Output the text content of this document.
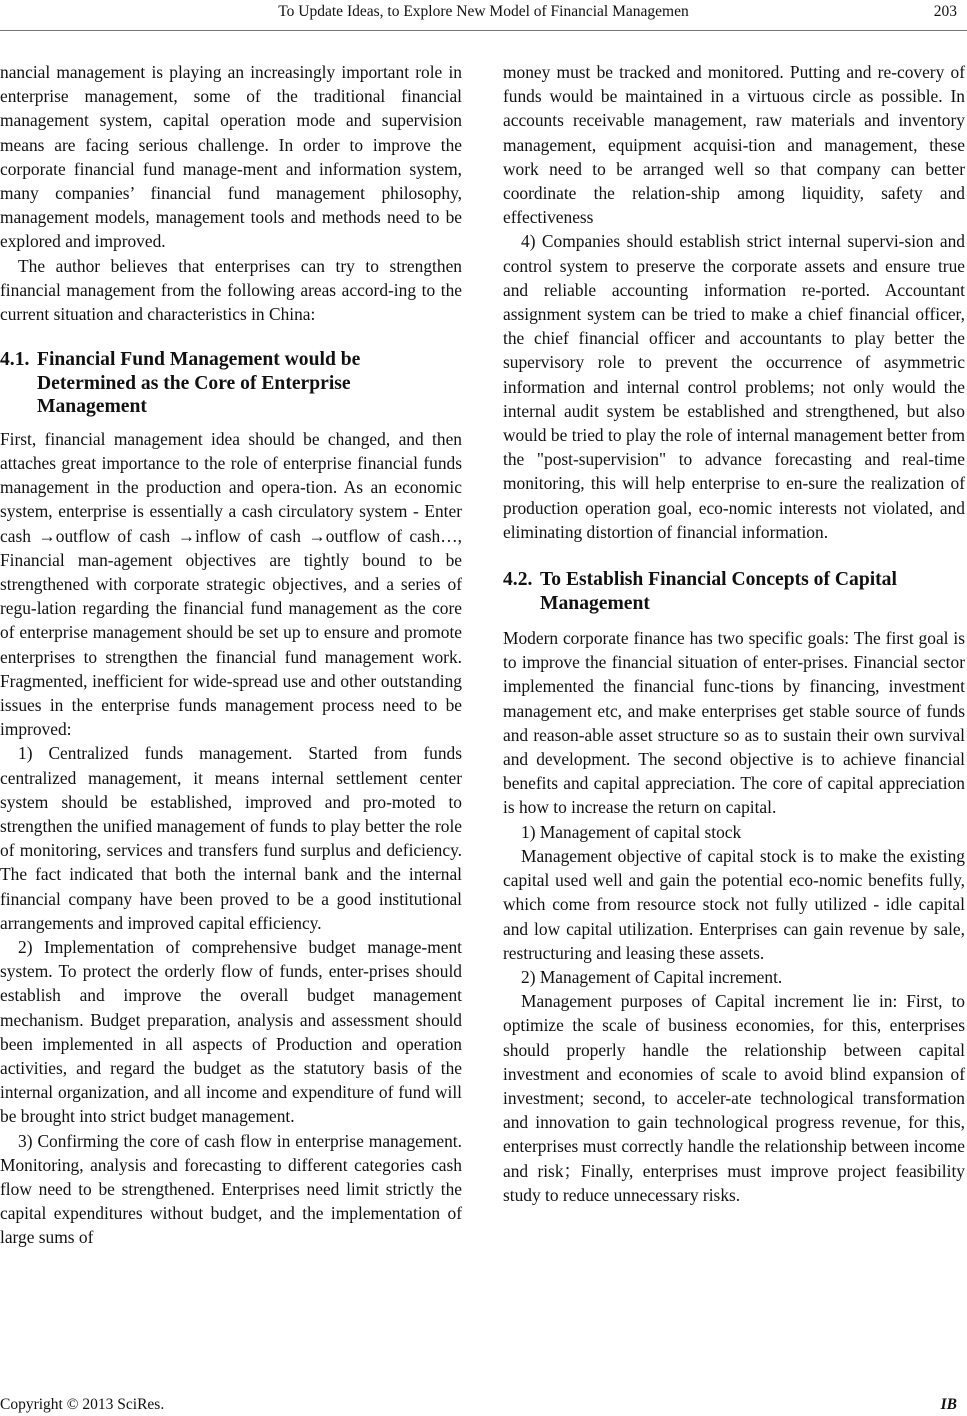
To Update Ideas, to Explore New Model of Financial Managemen	203

nancial management is playing an increasingly important role in enterprise management, some of the traditional financial management system, capital operation mode and supervision means are facing serious challenge. In order to improve the corporate financial fund manage-ment and information system, many companies’ financial fund management philosophy, management models, management tools and methods need to be explored and improved.

The author believes that enterprises can try to strengthen financial management from the following areas accord-ing to the current situation and characteristics in China:

4.1. Financial Fund Management would be Determined as the Core of Enterprise Management

First, financial management idea should be changed, and then attaches great importance to the role of enterprise financial funds management in the production and opera-tion. As an economic system, enterprise is essentially a cash circulatory system - Enter cash →outflow of cash →inflow of cash →outflow of cash…, Financial man-agement objectives are tightly bound to be strengthened with corporate strategic objectives, and a series of regu-lation regarding the financial fund management as the core of enterprise management should be set up to ensure and promote enterprises to strengthen the financial fund management work. Fragmented, inefficient for wide-spread use and other outstanding issues in the enterprise funds management process need to be improved:

1) Centralized funds management. Started from funds centralized management, it means internal settlement center system should be established, improved and pro-moted to strengthen the unified management of funds to play better the role of monitoring, services and transfers fund surplus and deficiency. The fact indicated that both the internal bank and the internal financial company have been proved to be a good institutional arrangements and improved capital efficiency.

2) Implementation of comprehensive budget manage-ment system. To protect the orderly flow of funds, enter-prises should establish and improve the overall budget management mechanism. Budget preparation, analysis and assessment should been implemented in all aspects of Production and operation activities, and regard the budget as the statutory basis of the internal organization, and all income and expenditure of fund will be brought into strict budget management.

3) Confirming the core of cash flow in enterprise management. Monitoring, analysis and forecasting to different categories cash flow need to be strengthened. Enterprises need limit strictly the capital expenditures without budget, and the implementation of large sums of

money must be tracked and monitored. Putting and re-covery of funds would be maintained in a virtuous circle as possible. In accounts receivable management, raw materials and inventory management, equipment acquisi-tion and management, these work need to be arranged well so that company can better coordinate the relation-ship among liquidity, safety and effectiveness

4) Companies should establish strict internal supervi-sion and control system to preserve the corporate assets and ensure true and reliable accounting information re-ported. Accountant assignment system can be tried to make a chief financial officer, the chief financial officer and accountants to play better the supervisory role to prevent the occurrence of asymmetric information and internal control problems; not only would the internal audit system be established and strengthened, but also would be tried to play the role of internal management better from the "post-supervision" to advance forecasting and real-time monitoring, this will help enterprise to en-sure the realization of production operation goal, eco-nomic interests not violated, and eliminating distortion of financial information.

4.2. To Establish Financial Concepts of Capital Management

Modern corporate finance has two specific goals: The first goal is to improve the financial situation of enter-prises. Financial sector implemented the financial func-tions by financing, investment management etc, and make enterprises get stable source of funds and reason-able asset structure so as to sustain their own survival and development. The second objective is to achieve financial benefits and capital appreciation. The core of capital appreciation is how to increase the return on capital.

1) Management of capital stock

Management objective of capital stock is to make the existing capital used well and gain the potential eco-nomic benefits fully, which come from resource stock not fully utilized - idle capital and low capital utilization. Enterprises can gain revenue by sale, restructuring and leasing these assets.

2) Management of Capital increment.

Management purposes of Capital increment lie in: First, to optimize the scale of business economies, for this, enterprises should properly handle the relationship between capital investment and economies of scale to avoid blind expansion of investment; second, to acceler-ate technological transformation and innovation to gain technological progress revenue, for this, enterprises must correctly handle the relationship between income and risk；Finally, enterprises must improve project feasibility study to reduce unnecessary risks.

Copyright © 2013 SciRes.	IB
